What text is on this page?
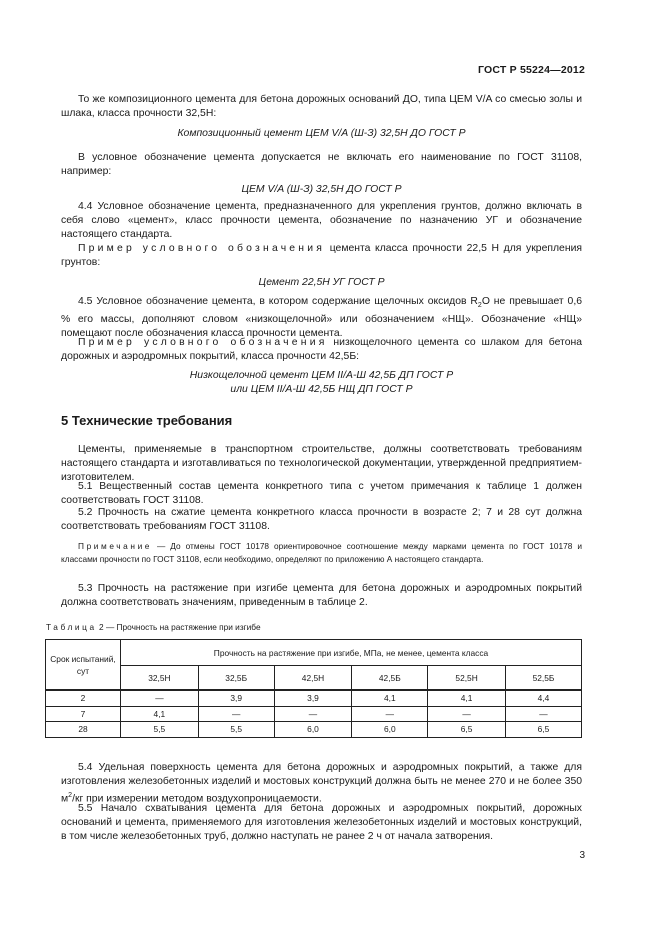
ГОСТ Р 55224—2012
То же композиционного цемента для бетона дорожных оснований ДО, типа ЦЕМ V/A со смесью золы и шлака, класса прочности 32,5Н:
Композиционный цемент ЦЕМ V/A (Ш-З) 32,5Н ДО ГОСТ Р
В условное обозначение цемента допускается не включать его наименование по ГОСТ 31108, например:
ЦЕМ V/A (Ш-З) 32,5Н ДО ГОСТ Р
4.4 Условное обозначение цемента, предназначенного для укрепления грунтов, должно включать в себя слово «цемент», класс прочности цемента, обозначение по назначению УГ и обозначение настоящего стандарта.
Пример условного обозначения цемента класса прочности 22,5 Н для укрепления грунтов:
Цемент 22,5Н УГ ГОСТ Р
4.5 Условное обозначение цемента, в котором содержание щелочных оксидов $R_2O$ не превышает 0,6 % его массы, дополняют словом «низкощелочной» или обозначением «НЩ». Обозначение «НЩ» помещают после обозначения класса прочности цемента.
Пример условного обозначения низкощелочного цемента со шлаком для бетона дорожных и аэродромных покрытий, класса прочности 42,5Б:
Низкощелочной цемент ЦЕМ II/A-Ш 42,5Б ДП ГОСТ Р
или ЦЕМ II/A-Ш 42,5Б НЩ ДП ГОСТ Р
5 Технические требования
Цементы, применяемые в транспортном строительстве, должны соответствовать требованиям настоящего стандарта и изготавливаться по технологической документации, утвержденной предприятием-изготовителем.
5.1 Вещественный состав цемента конкретного типа с учетом примечания к таблице 1 должен соответствовать ГОСТ 31108.
5.2 Прочность на сжатие цемента конкретного класса прочности в возрасте 2; 7 и 28 сут должна соответствовать требованиям ГОСТ 31108.
Примечание — До отмены ГОСТ 10178 ориентировочное соотношение между марками цемента по ГОСТ 10178 и классами прочности по ГОСТ 31108, если необходимо, определяют по приложению А настоящего стандарта.
5.3 Прочность на растяжение при изгибе цемента для бетона дорожных и аэродромных покрытий должна соответствовать значениям, приведенным в таблице 2.
Таблица 2 — Прочность на растяжение при изгибе
Срок испытаний, сут	Прочность на растяжение при изгибе, МПа, не менее, цемента класса					
	32,5Н	32,5Б	42,5Н	42,5Б	52,5Н	52,5Б
2	—	3,9	3,9	4,1	4,1	4,4
7	4,1	—	—	—	—	—
28	5,5	5,5	6,0	6,0	6,5	6,5
5.4 Удельная поверхность цемента для бетона дорожных и аэродромных покрытий, а также для изготовления железобетонных изделий и мостовых конструкций должна быть не менее 270 и не более 350 $м^2/кг$ при измерении методом воздухопроницаемости.
5.5 Начало схватывания цемента для бетона дорожных и аэродромных покрытий, дорожных оснований и цемента, применяемого для изготовления железобетонных изделий и мостовых конструкций, в том числе железобетонных труб, должно наступать не ранее 2 ч от начала затворения.
3
